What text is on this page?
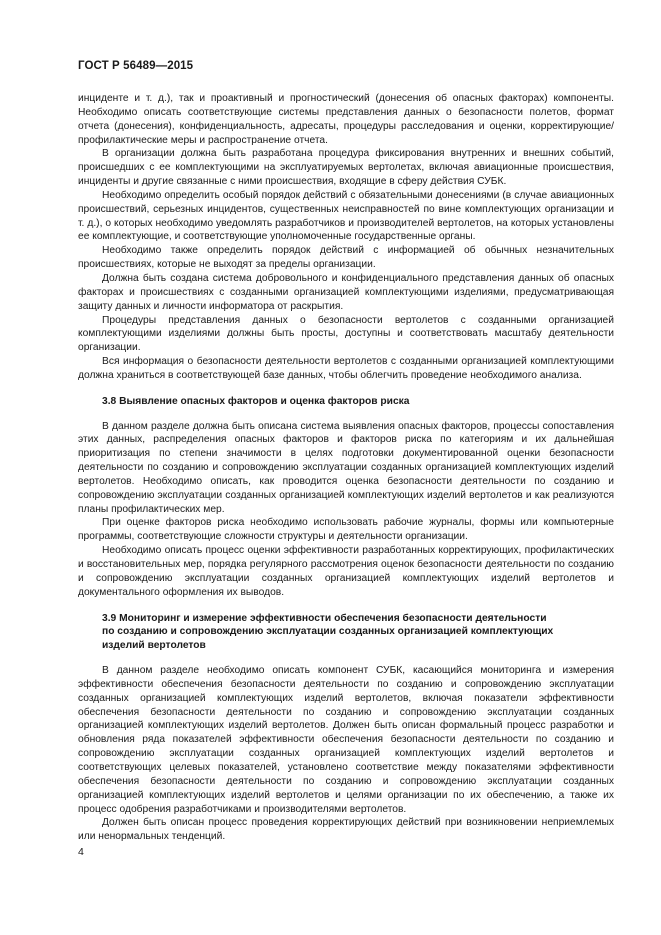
ГОСТ Р 56489—2015

инциденте и т. д.), так и проактивный и прогностический (донесения об опасных факторах) компоненты. Необходимо описать соответствующие системы представления данных о безопасности полетов, формат отчета (донесения), конфиденциальность, адресаты, процедуры расследования и оценки, корректирующие/профилактические меры и распространение отчета.

В организации должна быть разработана процедура фиксирования внутренних и внешних событий, происшедших с ее комплектующими на эксплуатируемых вертолетах, включая авиационные происшествия, инциденты и другие связанные с ними происшествия, входящие в сферу действия СУБК.

Необходимо определить особый порядок действий с обязательными донесениями (в случае авиационных происшествий, серьезных инцидентов, существенных неисправностей по вине комплектующих организации и т. д.), о которых необходимо уведомлять разработчиков и производителей вертолетов, на которых установлены ее комплектующие, и соответствующие уполномоченные государственные органы.

Необходимо также определить порядок действий с информацией об обычных незначительных происшествиях, которые не выходят за пределы организации.

Должна быть создана система добровольного и конфиденциального представления данных об опасных факторах и происшествиях с созданными организацией комплектующими изделиями, предусматривающая защиту данных и личности информатора от раскрытия.

Процедуры представления данных о безопасности вертолетов с созданными организацией комплектующими изделиями должны быть просты, доступны и соответствовать масштабу деятельности организации.

Вся информация о безопасности деятельности вертолетов с созданными организацией комплектующими должна храниться в соответствующей базе данных, чтобы облегчить проведение необходимого анализа.

3.8 Выявление опасных факторов и оценка факторов риска

В данном разделе должна быть описана система выявления опасных факторов, процессы сопоставления этих данных, распределения опасных факторов и факторов риска по категориям и их дальнейшая приоритизация по степени значимости в целях подготовки документированной оценки безопасности деятельности по созданию и сопровождению эксплуатации созданных организацией комплектующих изделий вертолетов. Необходимо описать, как проводится оценка безопасности деятельности по созданию и сопровождению эксплуатации созданных организацией комплектующих изделий вертолетов и как реализуются планы профилактических мер.

При оценке факторов риска необходимо использовать рабочие журналы, формы или компьютерные программы, соответствующие сложности структуры и деятельности организации.

Необходимо описать процесс оценки эффективности разработанных корректирующих, профилактических и восстановительных мер, порядка регулярного рассмотрения оценок безопасности деятельности по созданию и сопровождению эксплуатации созданных организацией комплектующих изделий вертолетов и документального оформления их выводов.

3.9 Мониторинг и измерение эффективности обеспечения безопасности деятельности

по созданию и сопровождению эксплуатации созданных организацией комплектующих

изделий вертолетов

В данном разделе необходимо описать компонент СУБК, касающийся мониторинга и измерения эффективности обеспечения безопасности деятельности по созданию и сопровождению эксплуатации созданных организацией комплектующих изделий вертолетов, включая показатели эффективности обеспечения безопасности деятельности по созданию и сопровождению эксплуатации созданных организацией комплектующих изделий вертолетов. Должен быть описан формальный процесс разработки и обновления ряда показателей эффективности обеспечения безопасности деятельности по созданию и сопровождению эксплуатации созданных организацией комплектующих изделий вертолетов и соответствующих целевых показателей, установлено соответствие между показателями эффективности обеспечения безопасности деятельности по созданию и сопровождению эксплуатации созданных организацией комплектующих изделий вертолетов и целями организации по их обеспечению, а также их процесс одобрения разработчиками и производителями вертолетов.

Должен быть описан процесс проведения корректирующих действий при возникновении неприемлемых или ненормальных тенденций.

4
